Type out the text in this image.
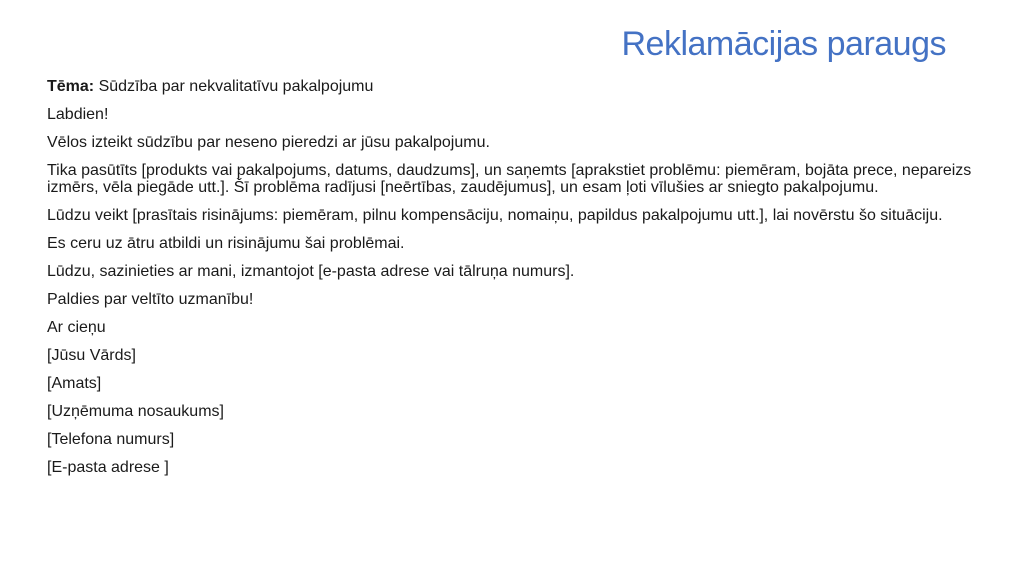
Reklamācijas paraugs

Tēma: Sūdzība par nekvalitatīvu pakalpojumu

Labdien!

Vēlos izteikt sūdzību par neseno pieredzi ar jūsu pakalpojumu.

Tika pasūtīts [produkts vai pakalpojums, datums, daudzums], un saņemts [aprakstiet problēmu: piemēram, bojāta prece, nepareizs izmērs, vēla piegāde utt.]. Šī problēma radījusi [neērtības, zaudējumus], un esam ļoti vīlušies ar sniegto pakalpojumu.

Lūdzu veikt [prasītais risinājums: piemēram, pilnu kompensāciju, nomaiņu, papildus pakalpojumu utt.], lai novērstu šo situāciju.

Es ceru uz ātru atbildi un risinājumu šai problēmai.

Lūdzu, sazinieties ar mani, izmantojot [e-pasta adrese vai tālruņa numurs].

Paldies par veltīto uzmanību!

Ar cieņu

[Jūsu Vārds]

[Amats]

[Uzņēmuma nosaukums]

[Telefona numurs]

[E-pasta adrese ]
